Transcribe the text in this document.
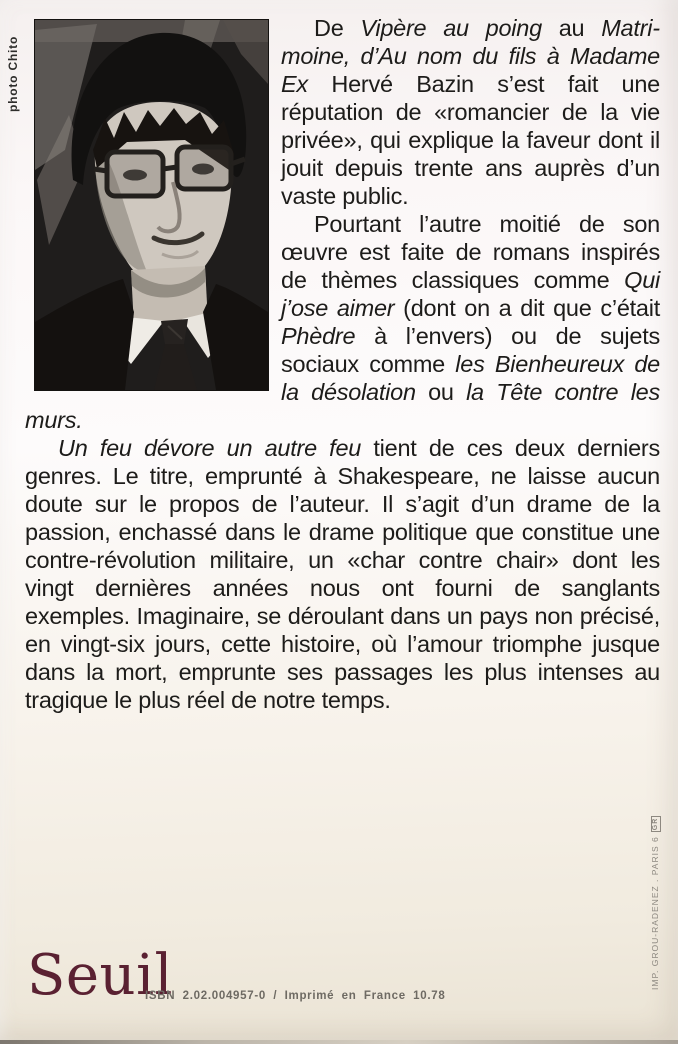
photo Chito

De Vipère au poing au Matrimoine, d’Au nom du fils à Madame Ex Hervé Bazin s’est fait une réputation de «romancier de la vie privée», qui explique la faveur dont il jouit depuis trente ans auprès d’un vaste public.

Pourtant l’autre moitié de son œuvre est faite de romans inspirés de thèmes classiques comme Qui j’ose aimer (dont on a dit que c’était Phèdre à l’envers) ou de sujets sociaux comme les Bienheureux de la désolation ou la Tête contre les murs.

Un feu dévore un autre feu tient de ces deux derniers genres. Le titre, emprunté à Shakespeare, ne laisse aucun doute sur le propos de l’auteur. Il s’agit d’un drame de la passion, enchassé dans le drame politique que constitue une contre-révolution militaire, un «char contre chair» dont les vingt dernières années nous ont fourni de sanglants exemples. Imaginaire, se déroulant dans un pays non précisé, en vingt-six jours, cette histoire, où l’amour triomphe jusque dans la mort, emprunte ses passages les plus intenses au tragique le plus réel de notre temps.

Seuil
ISBN 2.02.004957-0 / Imprimé en France 10.78
IMP. GROU-RADENEZ . PARIS 6GR
